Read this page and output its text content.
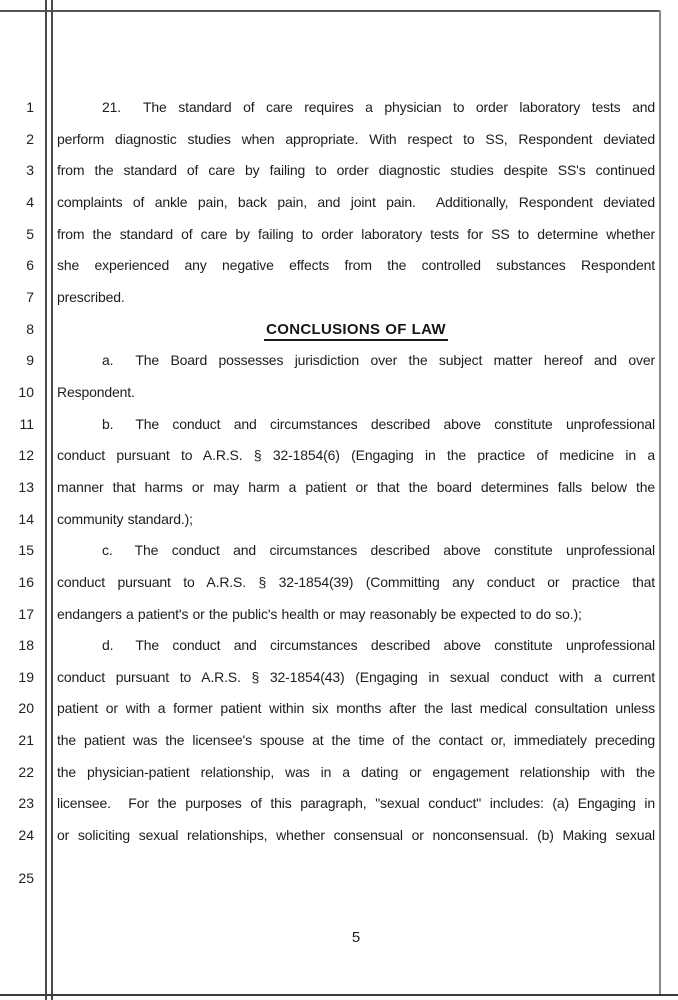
1	21. The standard of care requires a physician to order laboratory tests and
2 perform diagnostic studies when appropriate. With respect to SS, Respondent deviated
3 from the standard of care by failing to order diagnostic studies despite SS's continued
4 complaints of ankle pain, back pain, and joint pain.  Additionally, Respondent deviated
5 from the standard of care by failing to order laboratory tests for SS to determine whether
6 she experienced any negative effects from the controlled substances Respondent
7 prescribed.
8	CONCLUSIONS OF LAW
9	a. The Board possesses jurisdiction over the subject matter hereof and over
10 Respondent.
11	b. The conduct and circumstances described above constitute unprofessional
12 conduct pursuant to A.R.S. § 32-1854(6) (Engaging in the practice of medicine in a
13 manner that harms or may harm a patient or that the board determines falls below the
14 community standard.);
15	c. The conduct and circumstances described above constitute unprofessional
16 conduct pursuant to A.R.S. § 32-1854(39) (Committing any conduct or practice that
17 endangers a patient's or the public's health or may reasonably be expected to do so.);
18	d. The conduct and circumstances described above constitute unprofessional
19 conduct pursuant to A.R.S. § 32-1854(43) (Engaging in sexual conduct with a current
20 patient or with a former patient within six months after the last medical consultation unless
21 the patient was the licensee's spouse at the time of the contact or, immediately preceding
22 the physician-patient relationship, was in a dating or engagement relationship with the
23 licensee.  For the purposes of this paragraph, "sexual conduct" includes: (a) Engaging in
24 or soliciting sexual relationships, whether consensual or nonconsensual. (b) Making sexual
25
5
